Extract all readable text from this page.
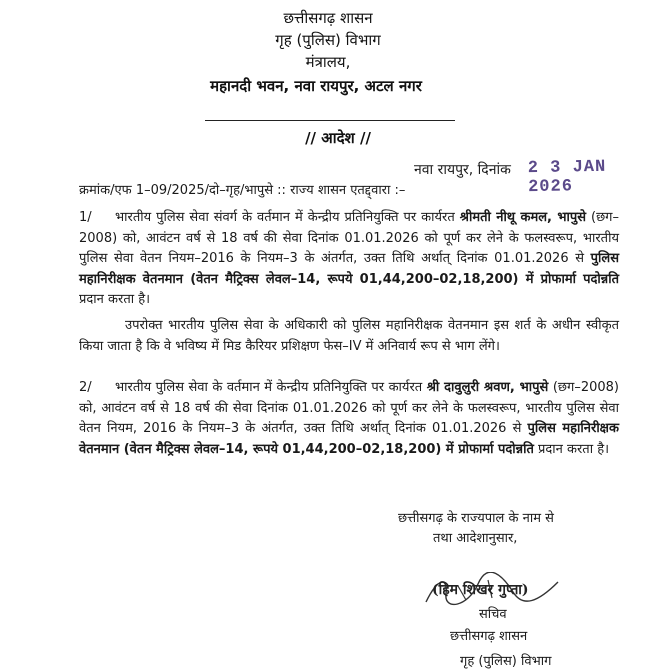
छत्तीसगढ़ शासन
गृह (पुलिस) विभाग
मंत्रालय,
महानदी भवन, नवा रायपुर, अटल नगर
// आदेश //
नवा रायपुर, दिनांक 2 3 JAN 2026
क्रमांक/एफ 1–09/2025/दो–गृह/भापुसे :: राज्य शासन एतद्द्वारा :–
1/ भारतीय पुलिस सेवा संवर्ग के वर्तमान में केन्द्रीय प्रतिनियुक्ति पर कार्यरत श्रीमती नीथू कमल, भापुसे (छग–2008) को, आवंटन वर्ष से 18 वर्ष की सेवा दिनांक 01.01.2026 को पूर्ण कर लेने के फलस्वरूप, भारतीय पुलिस सेवा वेतन नियम–2016 के नियम–3 के अंतर्गत, उक्त तिथि अर्थात् दिनांक 01.01.2026 से पुलिस महानिरीक्षक वेतनमान (वेतन मैट्रिक्स लेवल–14, रूपये 01,44,200–02,18,200) में प्रोफार्मा पदोन्नति प्रदान करता है।
उपरोक्त भारतीय पुलिस सेवा के अधिकारी को पुलिस महानिरीक्षक वेतनमान इस शर्त के अधीन स्वीकृत किया जाता है कि वे भविष्य में मिड कैरियर प्रशिक्षण फेस–IV में अनिवार्य रूप से भाग लेंगे।
2/ भारतीय पुलिस सेवा के वर्तमान में केन्द्रीय प्रतिनियुक्ति पर कार्यरत श्री दावुलुरी श्रवण, भापुसे (छग–2008) को, आवंटन वर्ष से 18 वर्ष की सेवा दिनांक 01.01.2026 को पूर्ण कर लेने के फलस्वरूप, भारतीय पुलिस सेवा वेतन नियम, 2016 के नियम–3 के अंतर्गत, उक्त तिथि अर्थात् दिनांक 01.01.2026 से पुलिस महानिरीक्षक वेतनमान (वेतन मैट्रिक्स लेवल–14, रूपये 01,44,200–02,18,200) में प्रोफार्मा पदोन्नति प्रदान करता है।
छत्तीसगढ़ के राज्यपाल के नाम से
तथा आदेशानुसार,
(हिम शिखर गुप्ता)
सचिव
छत्तीसगढ़ शासन
गृह (पुलिस) विभाग
